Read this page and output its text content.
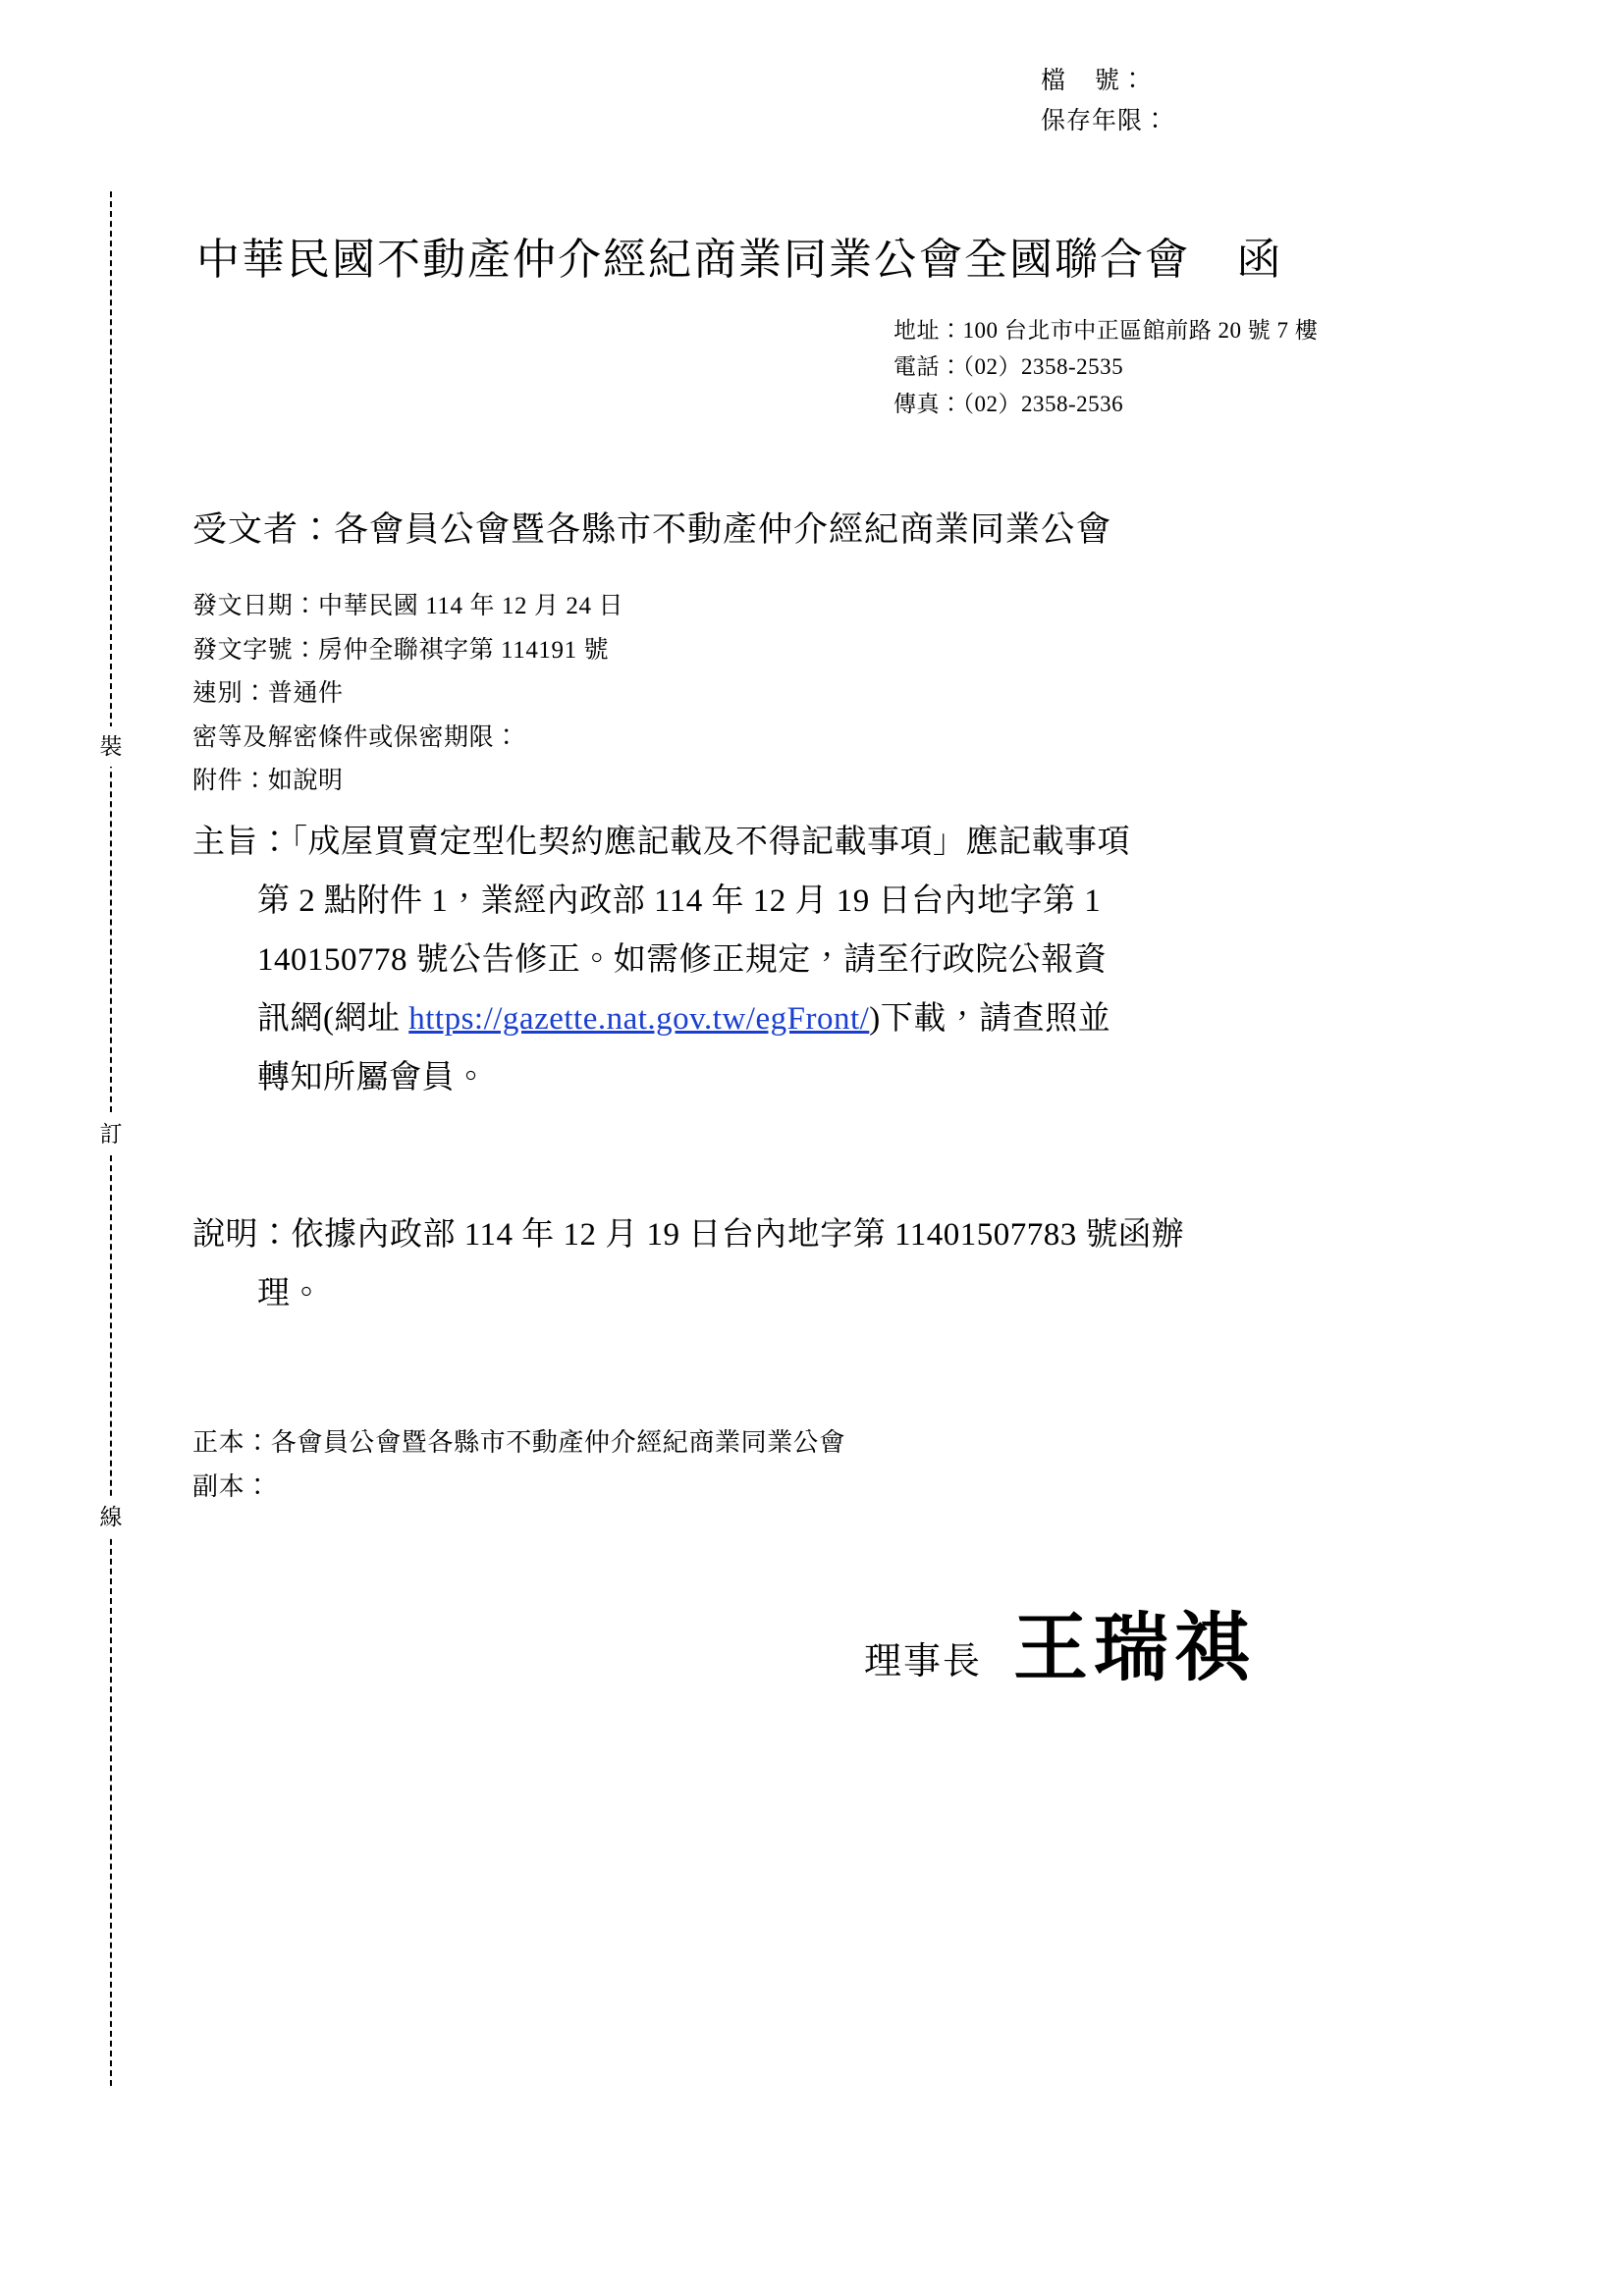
檔    號：
保存年限：
裝
訂
線
中華民國不動產仲介經紀商業同業公會全國聯合會 函
地址：100 台北市中正區館前路 20 號 7 樓
電話：（02）2358-2535
傳真：（02）2358-2536
受文者：各會員公會暨各縣市不動產仲介經紀商業同業公會
發文日期：中華民國 114 年 12 月 24 日
發文字號：房仲全聯祺字第 114191 號
速別：普通件
密等及解密條件或保密期限：
附件：如說明
主旨：「成屋買賣定型化契約應記載及不得記載事項」應記載事項
第 2 點附件 1，業經內政部 114 年 12 月 19 日台內地字第 1
140150778 號公告修正。如需修正規定，請至行政院公報資
訊網(網址 https://gazette.nat.gov.tw/egFront/)下載，請查照並
轉知所屬會員。
說明：依據內政部 114 年 12 月 19 日台內地字第 11401507783 號函辦
理。
正本：各會員公會暨各縣市不動產仲介經紀商業同業公會
副本：
理事長 王瑞祺
